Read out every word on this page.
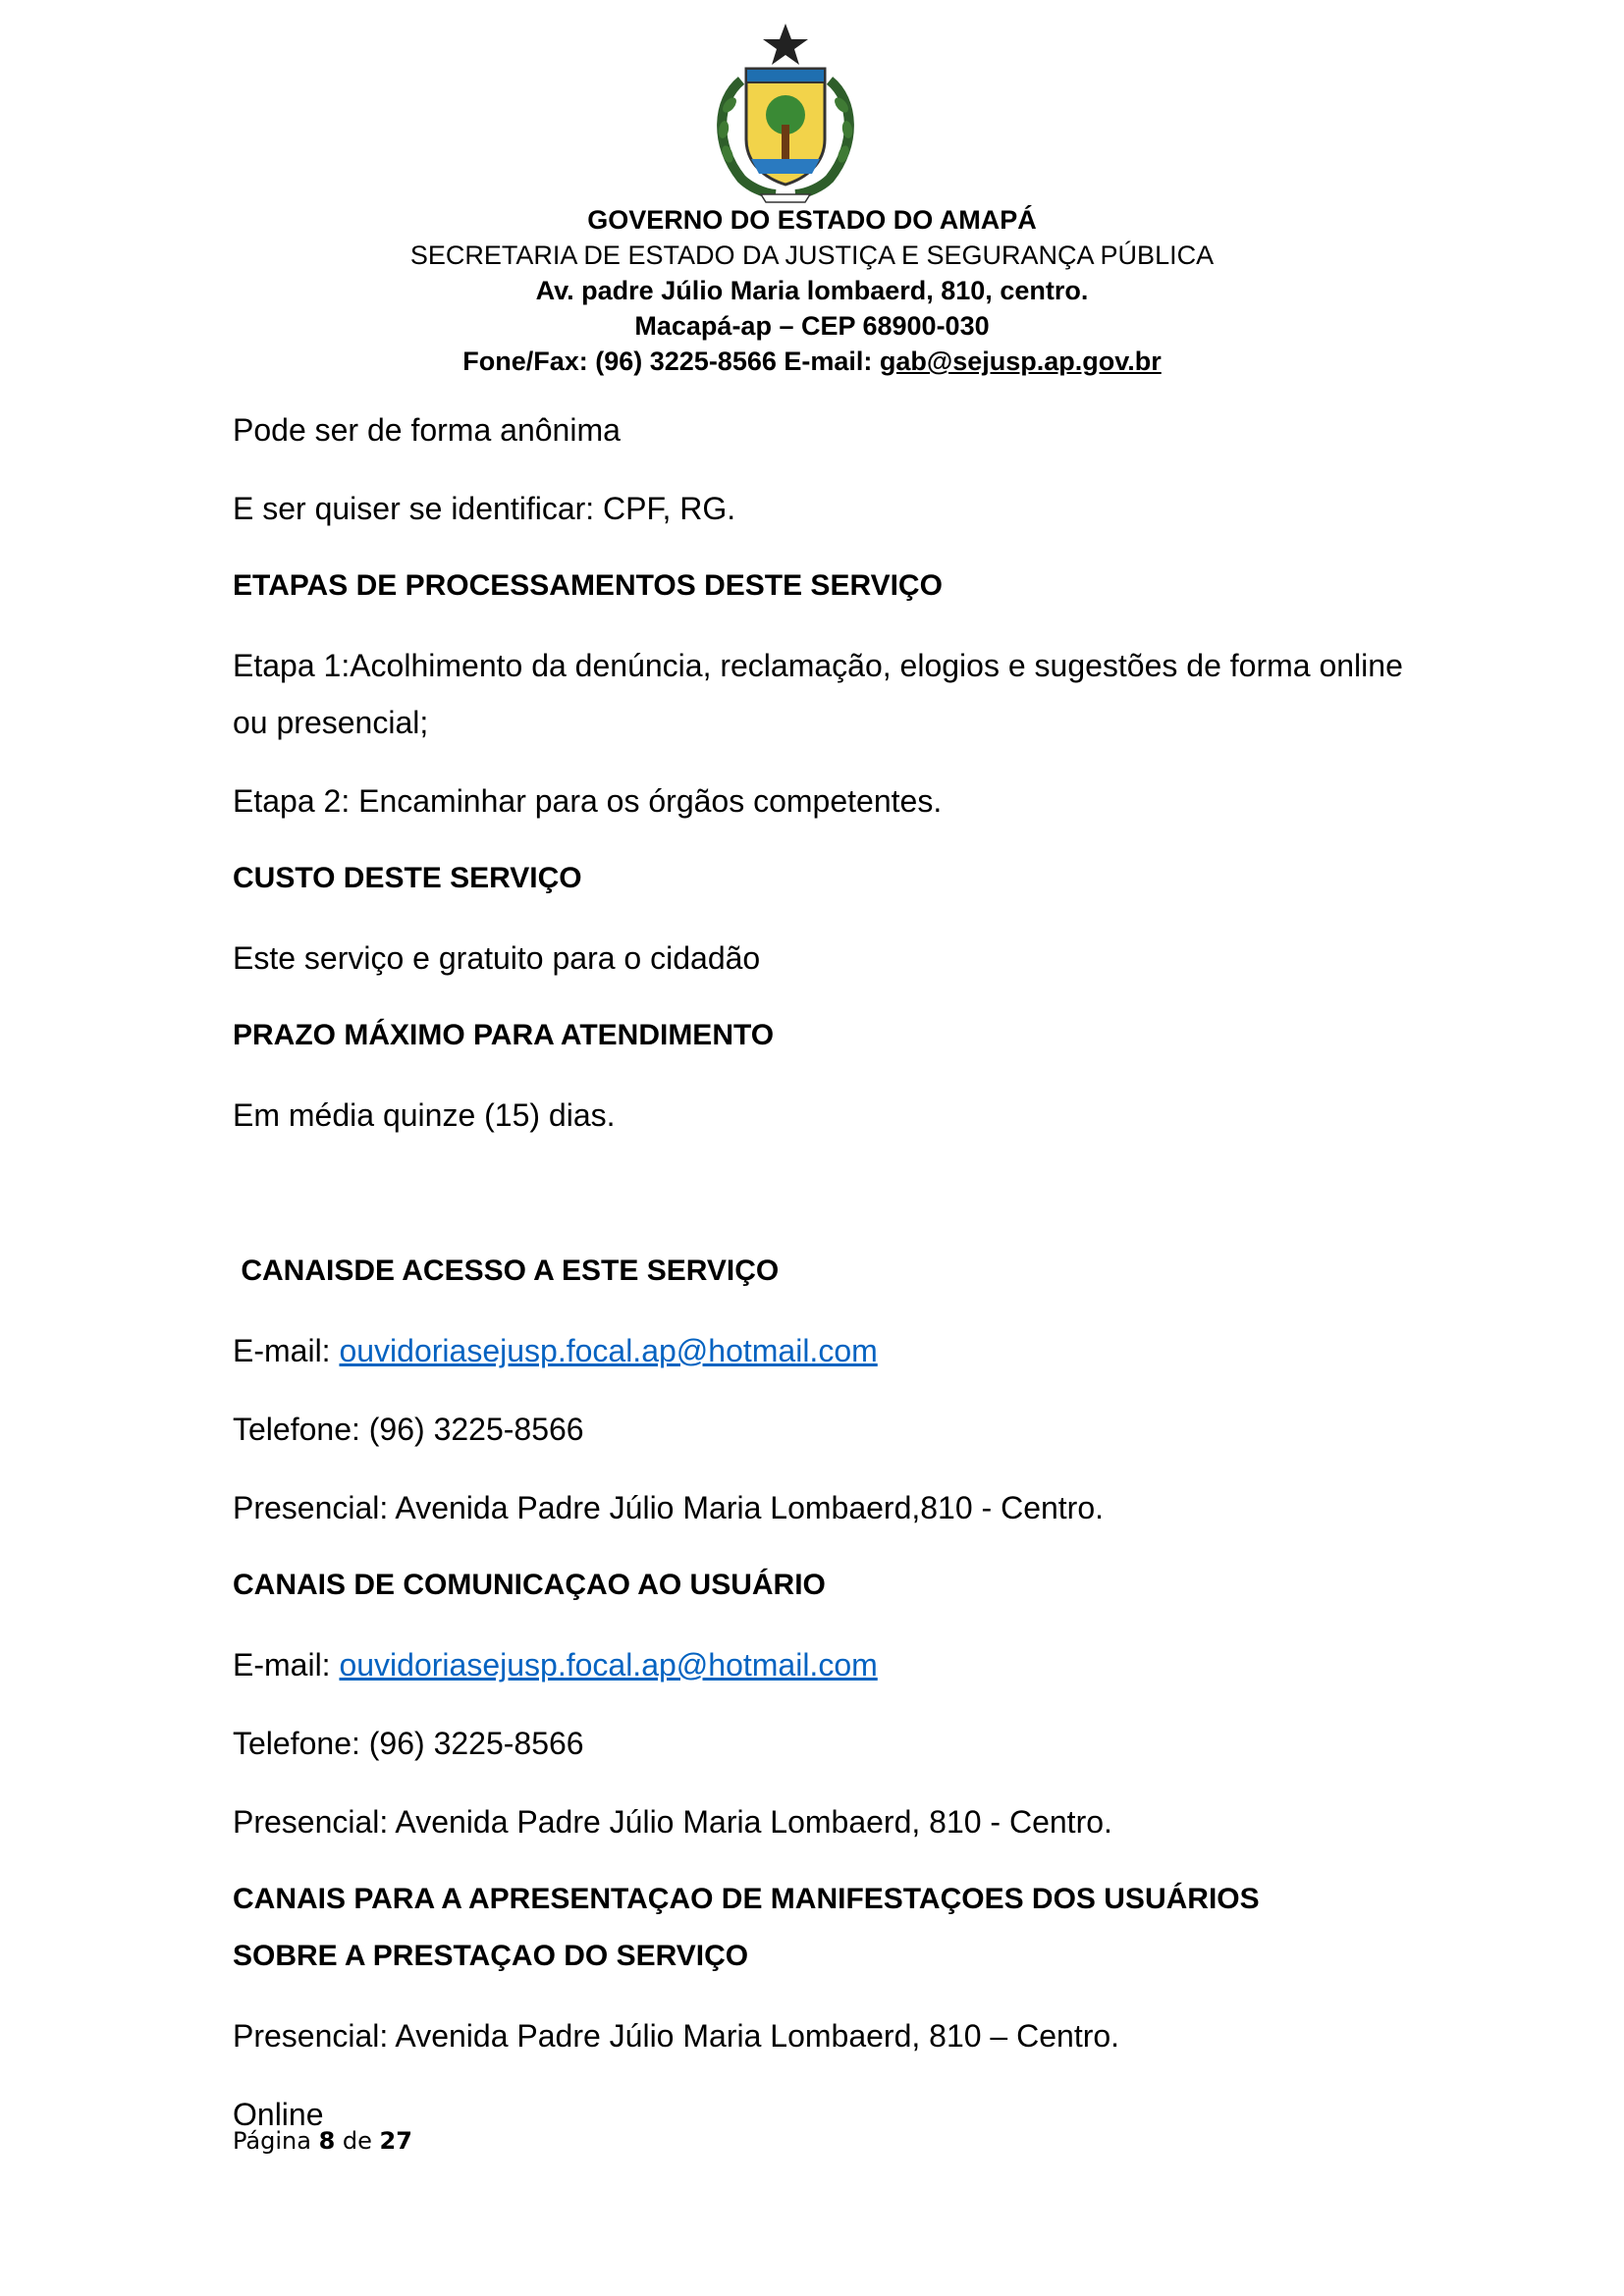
GOVERNO DO ESTADO DO AMAPÁ
SECRETARIA DE ESTADO DA JUSTIÇA E SEGURANÇA PÚBLICA
Av. padre Júlio Maria lombaerd, 810, centro.
Macapá-ap – CEP 68900-030
Fone/Fax: (96) 3225-8566 E-mail: gab@sejusp.ap.gov.br
Pode ser de forma anônima
E ser quiser se identificar: CPF, RG.
ETAPAS DE PROCESSAMENTOS DESTE SERVIÇO
Etapa 1:Acolhimento da denúncia, reclamação, elogios e sugestões de forma online
ou presencial;
Etapa 2: Encaminhar para os órgãos competentes.
CUSTO DESTE SERVIÇO
Este serviço e gratuito para o cidadão
PRAZO MÁXIMO PARA ATENDIMENTO
Em média quinze (15) dias.
CANAISDE ACESSO A ESTE SERVIÇO
E-mail: ouvidoriasejusp.focal.ap@hotmail.com
Telefone: (96) 3225-8566
Presencial: Avenida Padre Júlio Maria Lombaerd,810 - Centro.
CANAIS DE COMUNICAÇAO AO USUÁRIO
E-mail: ouvidoriasejusp.focal.ap@hotmail.com
Telefone: (96) 3225-8566
Presencial: Avenida Padre Júlio Maria Lombaerd, 810 - Centro.
CANAIS PARA A APRESENTAÇAO DE MANIFESTAÇOES DOS USUÁRIOS
SOBRE A PRESTAÇAO DO SERVIÇO
Presencial: Avenida Padre Júlio Maria Lombaerd, 810 – Centro.
Online
Página 8 de 27
